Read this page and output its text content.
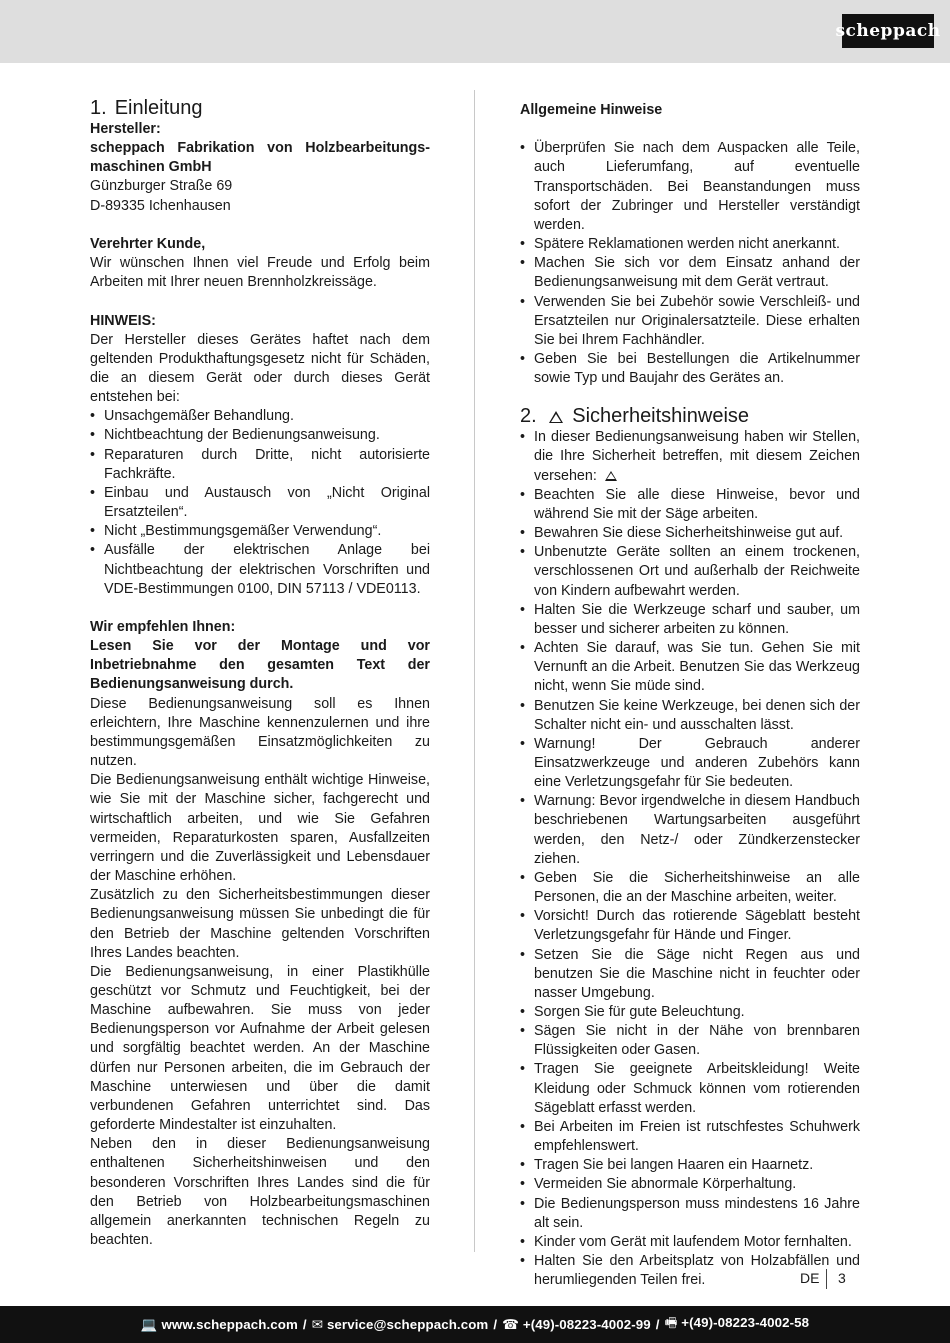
scheppach
1. Einleitung

Hersteller:

scheppach Fabrikation von Holzbearbeitungs-maschinen GmbH

Günzburger Straße 69

D-89335 Ichenhausen

Verehrter Kunde,

Wir wünschen Ihnen viel Freude und Erfolg beim Arbeiten mit Ihrer neuen Brennholzkreissäge.

HINWEIS:

Der Hersteller dieses Gerätes haftet nach dem geltenden Produkthaftungsgesetz nicht für Schäden, die an diesem Gerät oder durch dieses Gerät entstehen bei:

• Unsachgemäßer Behandlung.
• Nichtbeachtung der Bedienungsanweisung.
• Reparaturen durch Dritte, nicht autorisierte Fachkräfte.
• Einbau und Austausch von „Nicht Original Ersatzteilen“.
• Nicht „Bestimmungsgemäßer Verwendung“.
• Ausfälle der elektrischen Anlage bei Nichtbeachtung der elektrischen Vorschriften und VDE-Bestimmungen 0100, DIN 57113 / VDE0113.

Wir empfehlen Ihnen:

Lesen Sie vor der Montage und vor Inbetriebnahme den gesamten Text der Bedienungsanweisung durch.

Diese Bedienungsanweisung soll es Ihnen erleichtern, Ihre Maschine kennenzulernen und ihre bestimmungsgemäßen Einsatzmöglichkeiten zu nutzen.

Die Bedienungsanweisung enthält wichtige Hinweise, wie Sie mit der Maschine sicher, fachgerecht und wirtschaftlich arbeiten, und wie Sie Gefahren vermeiden, Reparaturkosten sparen, Ausfallzeiten verringern und die Zuverlässigkeit und Lebensdauer der Maschine erhöhen.

Zusätzlich zu den Sicherheitsbestimmungen dieser Bedienungsanweisung müssen Sie unbedingt die für den Betrieb der Maschine geltenden Vorschriften Ihres Landes beachten.

Die Bedienungsanweisung, in einer Plastikhülle geschützt vor Schmutz und Feuchtigkeit, bei der Maschine aufbewahren. Sie muss von jeder Bedienungsperson vor Aufnahme der Arbeit gelesen und sorgfältig beachtet werden. An der Maschine dürfen nur Personen arbeiten, die im Gebrauch der Maschine unterwiesen und über die damit verbundenen Gefahren unterrichtet sind. Das geforderte Mindestalter ist einzuhalten.

Neben den in dieser Bedienungsanweisung enthaltenen Sicherheitshinweisen und den besonderen Vorschriften Ihres Landes sind die für den Betrieb von Holzbearbeitungsmaschinen allgemein anerkannten technischen Regeln zu beachten.

Allgemeine Hinweise

• Überprüfen Sie nach dem Auspacken alle Teile, auch Lieferumfang, auf eventuelle Transportschäden. Bei Beanstandungen muss sofort der Zubringer und Hersteller verständigt werden.
• Spätere Reklamationen werden nicht anerkannt.
• Machen Sie sich vor dem Einsatz anhand der Bedienungsanweisung mit dem Gerät vertraut.
• Verwenden Sie bei Zubehör sowie Verschleiß- und Ersatzteilen nur Originalersatzteile. Diese erhalten Sie bei Ihrem Fachhändler.
• Geben Sie bei Bestellungen die Artikelnummer sowie Typ und Baujahr des Gerätes an.
2. Sicherheitshinweise
• In dieser Bedienungsanweisung haben wir Stellen, die Ihre Sicherheit betreffen, mit diesem Zeichen versehen:
• Beachten Sie alle diese Hinweise, bevor und während Sie mit der Säge arbeiten.
• Bewahren Sie diese Sicherheitshinweise gut auf.
• Unbenutzte Geräte sollten an einem trockenen, verschlossenen Ort und außerhalb der Reichweite von Kindern aufbewahrt werden.
• Halten Sie die Werkzeuge scharf und sauber, um besser und sicherer arbeiten zu können.
• Achten Sie darauf, was Sie tun. Gehen Sie mit Vernunft an die Arbeit. Benutzen Sie das Werkzeug nicht, wenn Sie müde sind.
• Benutzen Sie keine Werkzeuge, bei denen sich der Schalter nicht ein- und ausschalten lässt.
• Warnung! Der Gebrauch anderer Einsatzwerkzeuge und anderen Zubehörs kann eine Verletzungsgefahr für Sie bedeuten.
• Warnung: Bevor irgendwelche in diesem Handbuch beschriebenen Wartungsarbeiten ausgeführt werden, den Netz-/ oder Zündkerzenstecker ziehen.
• Geben Sie die Sicherheitshinweise an alle Personen, die an der Maschine arbeiten, weiter.
• Vorsicht! Durch das rotierende Sägeblatt besteht Verletzungsgefahr für Hände und Finger.
• Setzen Sie die Säge nicht Regen aus und benutzen Sie die Maschine nicht in feuchter oder nasser Umgebung.
• Sorgen Sie für gute Beleuchtung.
• Sägen Sie nicht in der Nähe von brennbaren Flüssigkeiten oder Gasen.
• Tragen Sie geeignete Arbeitskleidung! Weite Kleidung oder Schmuck können vom rotierenden Sägeblatt erfasst werden.
• Bei Arbeiten im Freien ist rutschfestes Schuhwerk empfehlenswert.
• Tragen Sie bei langen Haaren ein Haarnetz.
• Vermeiden Sie abnormale Körperhaltung.
• Die Bedienungsperson muss mindestens 16 Jahre alt sein.
• Kinder vom Gerät mit laufendem Motor fernhalten.
• Halten Sie den Arbeitsplatz von Holzabfällen und herumliegenden Teilen frei.	DE 3
💻 www.scheppach.com / ✉ service@scheppach.com / ☎ +(49)-08223-4002-99 / 🖷 +(49)-08223-4002-58
